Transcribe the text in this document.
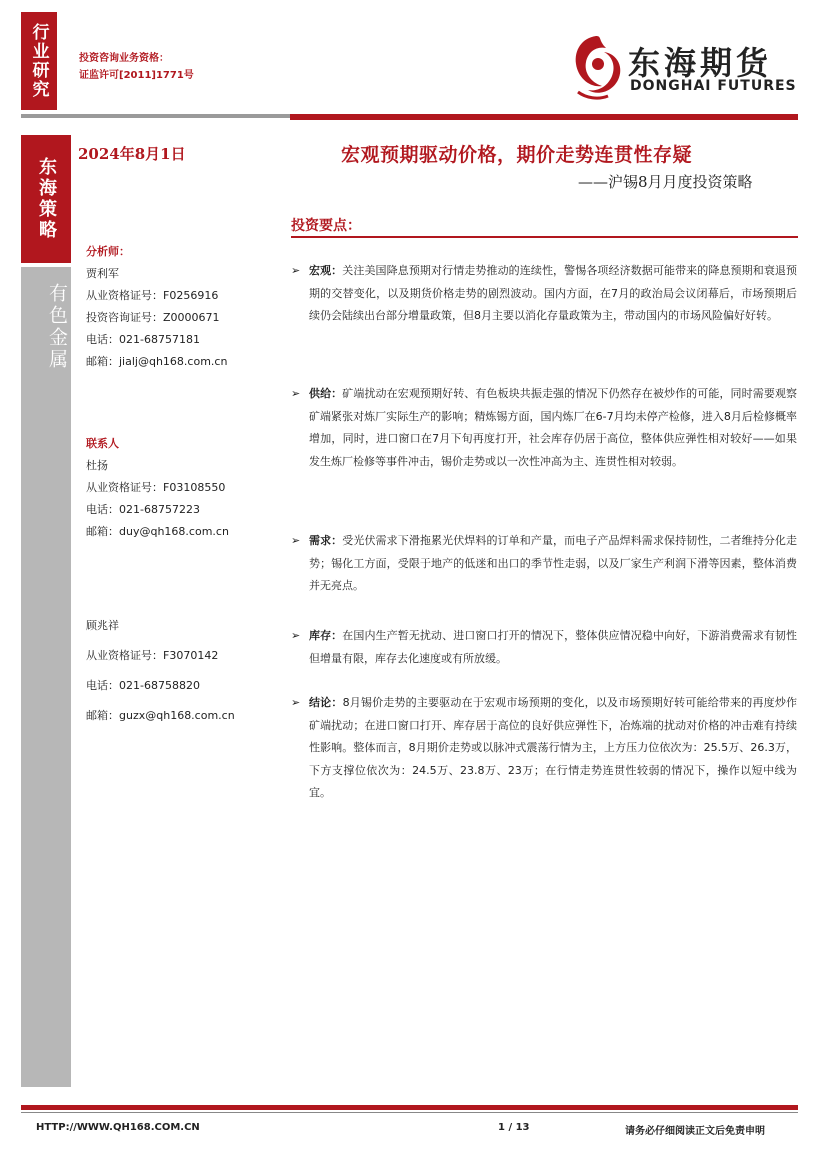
行业研究	投资咨询业务资格：
证监许可[2011]1771号	东海期货
DONGHAI FUTURES
东海策略
有色金属
2024年8月1日
分析师：
贾利军
从业资格证号：F0256916
投资咨询证号：Z0000671
电话：021-68757181
邮箱：jialj@qh168.com.cn
联系人
杜扬
从业资格证号：F03108550
电话：021-68757223
邮箱：duy@qh168.com.cn
顾兆祥
从业资格证号：F3070142
电话：021-68758820
邮箱：guzx@qh168.com.cn
宏观预期驱动价格，期价走势连贯性存疑
——沪锡8月月度投资策略
投资要点：
➢ 宏观：关注美国降息预期对行情走势推动的连续性，警惕各项经济数据可能带来的降息预期和衰退预期的交替变化，以及期货价格走势的剧烈波动。国内方面，在7月的政治局会议闭幕后，市场预期后续仍会陆续出台部分增量政策，但8月主要以消化存量政策为主，带动国内的市场风险偏好好转。
➢ 供给：矿端扰动在宏观预期好转、有色板块共振走强的情况下仍然存在被炒作的可能，同时需要观察矿端紧张对炼厂实际生产的影响；精炼锡方面，国内炼厂在6-7月均未停产检修，进入8月后检修概率增加，同时，进口窗口在7月下旬再度打开，社会库存仍居于高位，整体供应弹性相对较好——如果发生炼厂检修等事件冲击，锡价走势或以一次性冲高为主、连贯性相对较弱。
➢ 需求：受光伏需求下滑拖累光伏焊料的订单和产量，而电子产品焊料需求保持韧性，二者维持分化走势；锡化工方面，受限于地产的低迷和出口的季节性走弱，以及厂家生产利润下滑等因素，整体消费并无亮点。
➢ 库存：在国内生产暂无扰动、进口窗口打开的情况下，整体供应情况稳中向好，下游消费需求有韧性但增量有限，库存去化速度或有所放缓。
➢ 结论：8月锡价走势的主要驱动在于宏观市场预期的变化，以及市场预期好转可能给带来的再度炒作矿端扰动；在进口窗口打开、库存居于高位的良好供应弹性下，冶炼端的扰动对价格的冲击难有持续性影响。整体而言，8月期价走势或以脉冲式震荡行情为主，上方压力位依次为：25.5万、26.3万，下方支撑位依次为：24.5万、23.8万、23万；在行情走势连贯性较弱的情况下，操作以短中线为宜。
HTTP://WWW.QH168.COM.CN	1 / 13	请务必仔细阅读正文后免责申明
